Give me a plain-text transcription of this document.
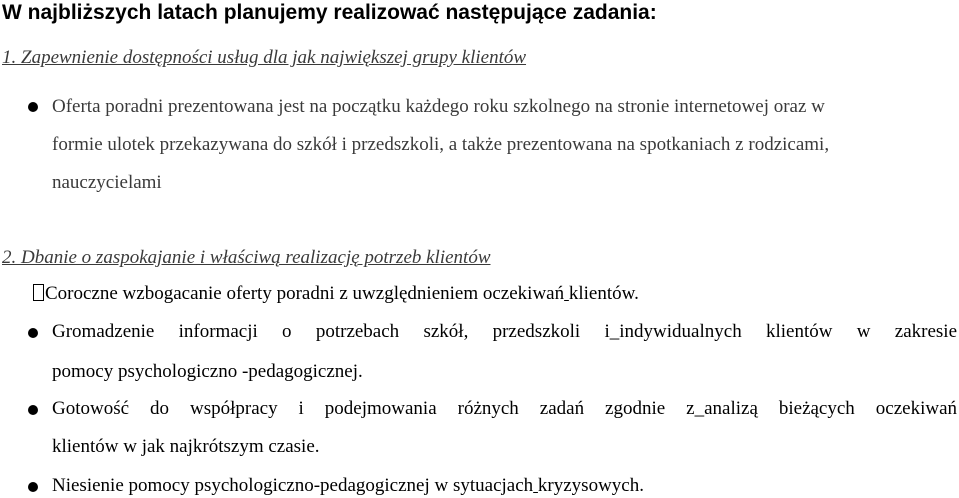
W najbliższych latach planujemy realizować następujące zadania:
1. Zapewnienie dostępności usług dla jak największej grupy klientów
Oferta poradni prezentowana jest na początku każdego roku szkolnego na stronie internetowej oraz w
formie ulotek przekazywana do szkół i przedszkoli, a także prezentowana na spotkaniach z rodzicami,
nauczycielami
2. Dbanie o zaspokajanie i właściwą realizację potrzeb klientów
Coroczne wzbogacanie oferty poradni z uwzględnieniem oczekiwań klientów.
Gromadzenie informacji o potrzebach szkół, przedszkoli i_indywidualnych klientów w zakresie
pomocy psychologiczno -pedagogicznej.
Gotowość do współpracy i podejmowania różnych zadań zgodnie z_analizą bieżących oczekiwań
klientów w jak najkrótszym czasie.
Niesienie pomocy psychologiczno-pedagogicznej w sytuacjach kryzysowych.
